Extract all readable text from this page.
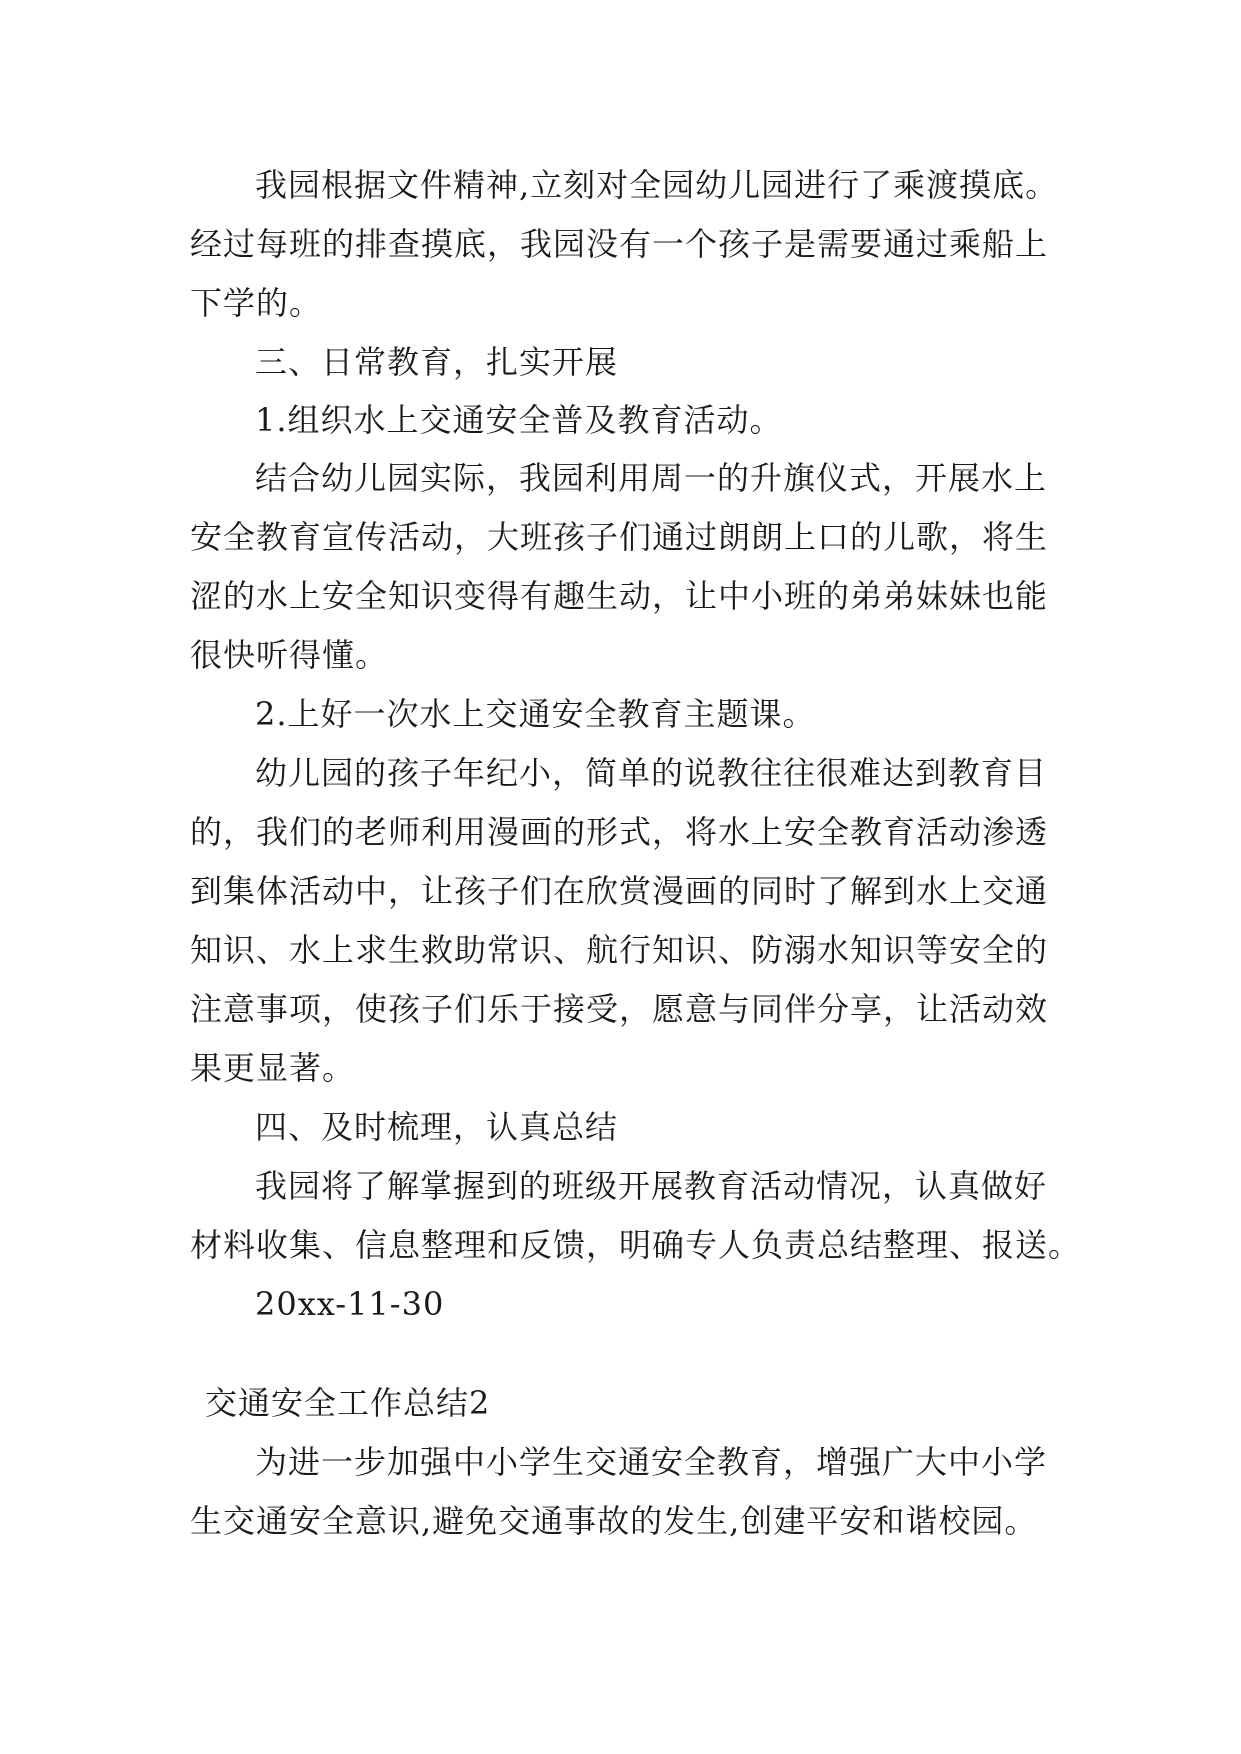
我园根据文件精神,立刻对全园幼儿园进行了乘渡摸底。
经过每班的排查摸底，我园没有一个孩子是需要通过乘船上
下学的。
三、日常教育，扎实开展
1.组织水上交通安全普及教育活动。
结合幼儿园实际，我园利用周一的升旗仪式，开展水上
安全教育宣传活动，大班孩子们通过朗朗上口的儿歌，将生
涩的水上安全知识变得有趣生动，让中小班的弟弟妹妹也能
很快听得懂。
2.上好一次水上交通安全教育主题课。
幼儿园的孩子年纪小，简单的说教往往很难达到教育目
的，我们的老师利用漫画的形式，将水上安全教育活动渗透
到集体活动中，让孩子们在欣赏漫画的同时了解到水上交通
知识、水上求生救助常识、航行知识、防溺水知识等安全的
注意事项，使孩子们乐于接受，愿意与同伴分享，让活动效
果更显著。
四、及时梳理，认真总结
我园将了解掌握到的班级开展教育活动情况，认真做好
材料收集、信息整理和反馈，明确专人负责总结整理、报送。
20xx-11-30
交通安全工作总结2
为进一步加强中小学生交通安全教育，增强广大中小学
生交通安全意识,避免交通事故的发生,创建平安和谐校园。
